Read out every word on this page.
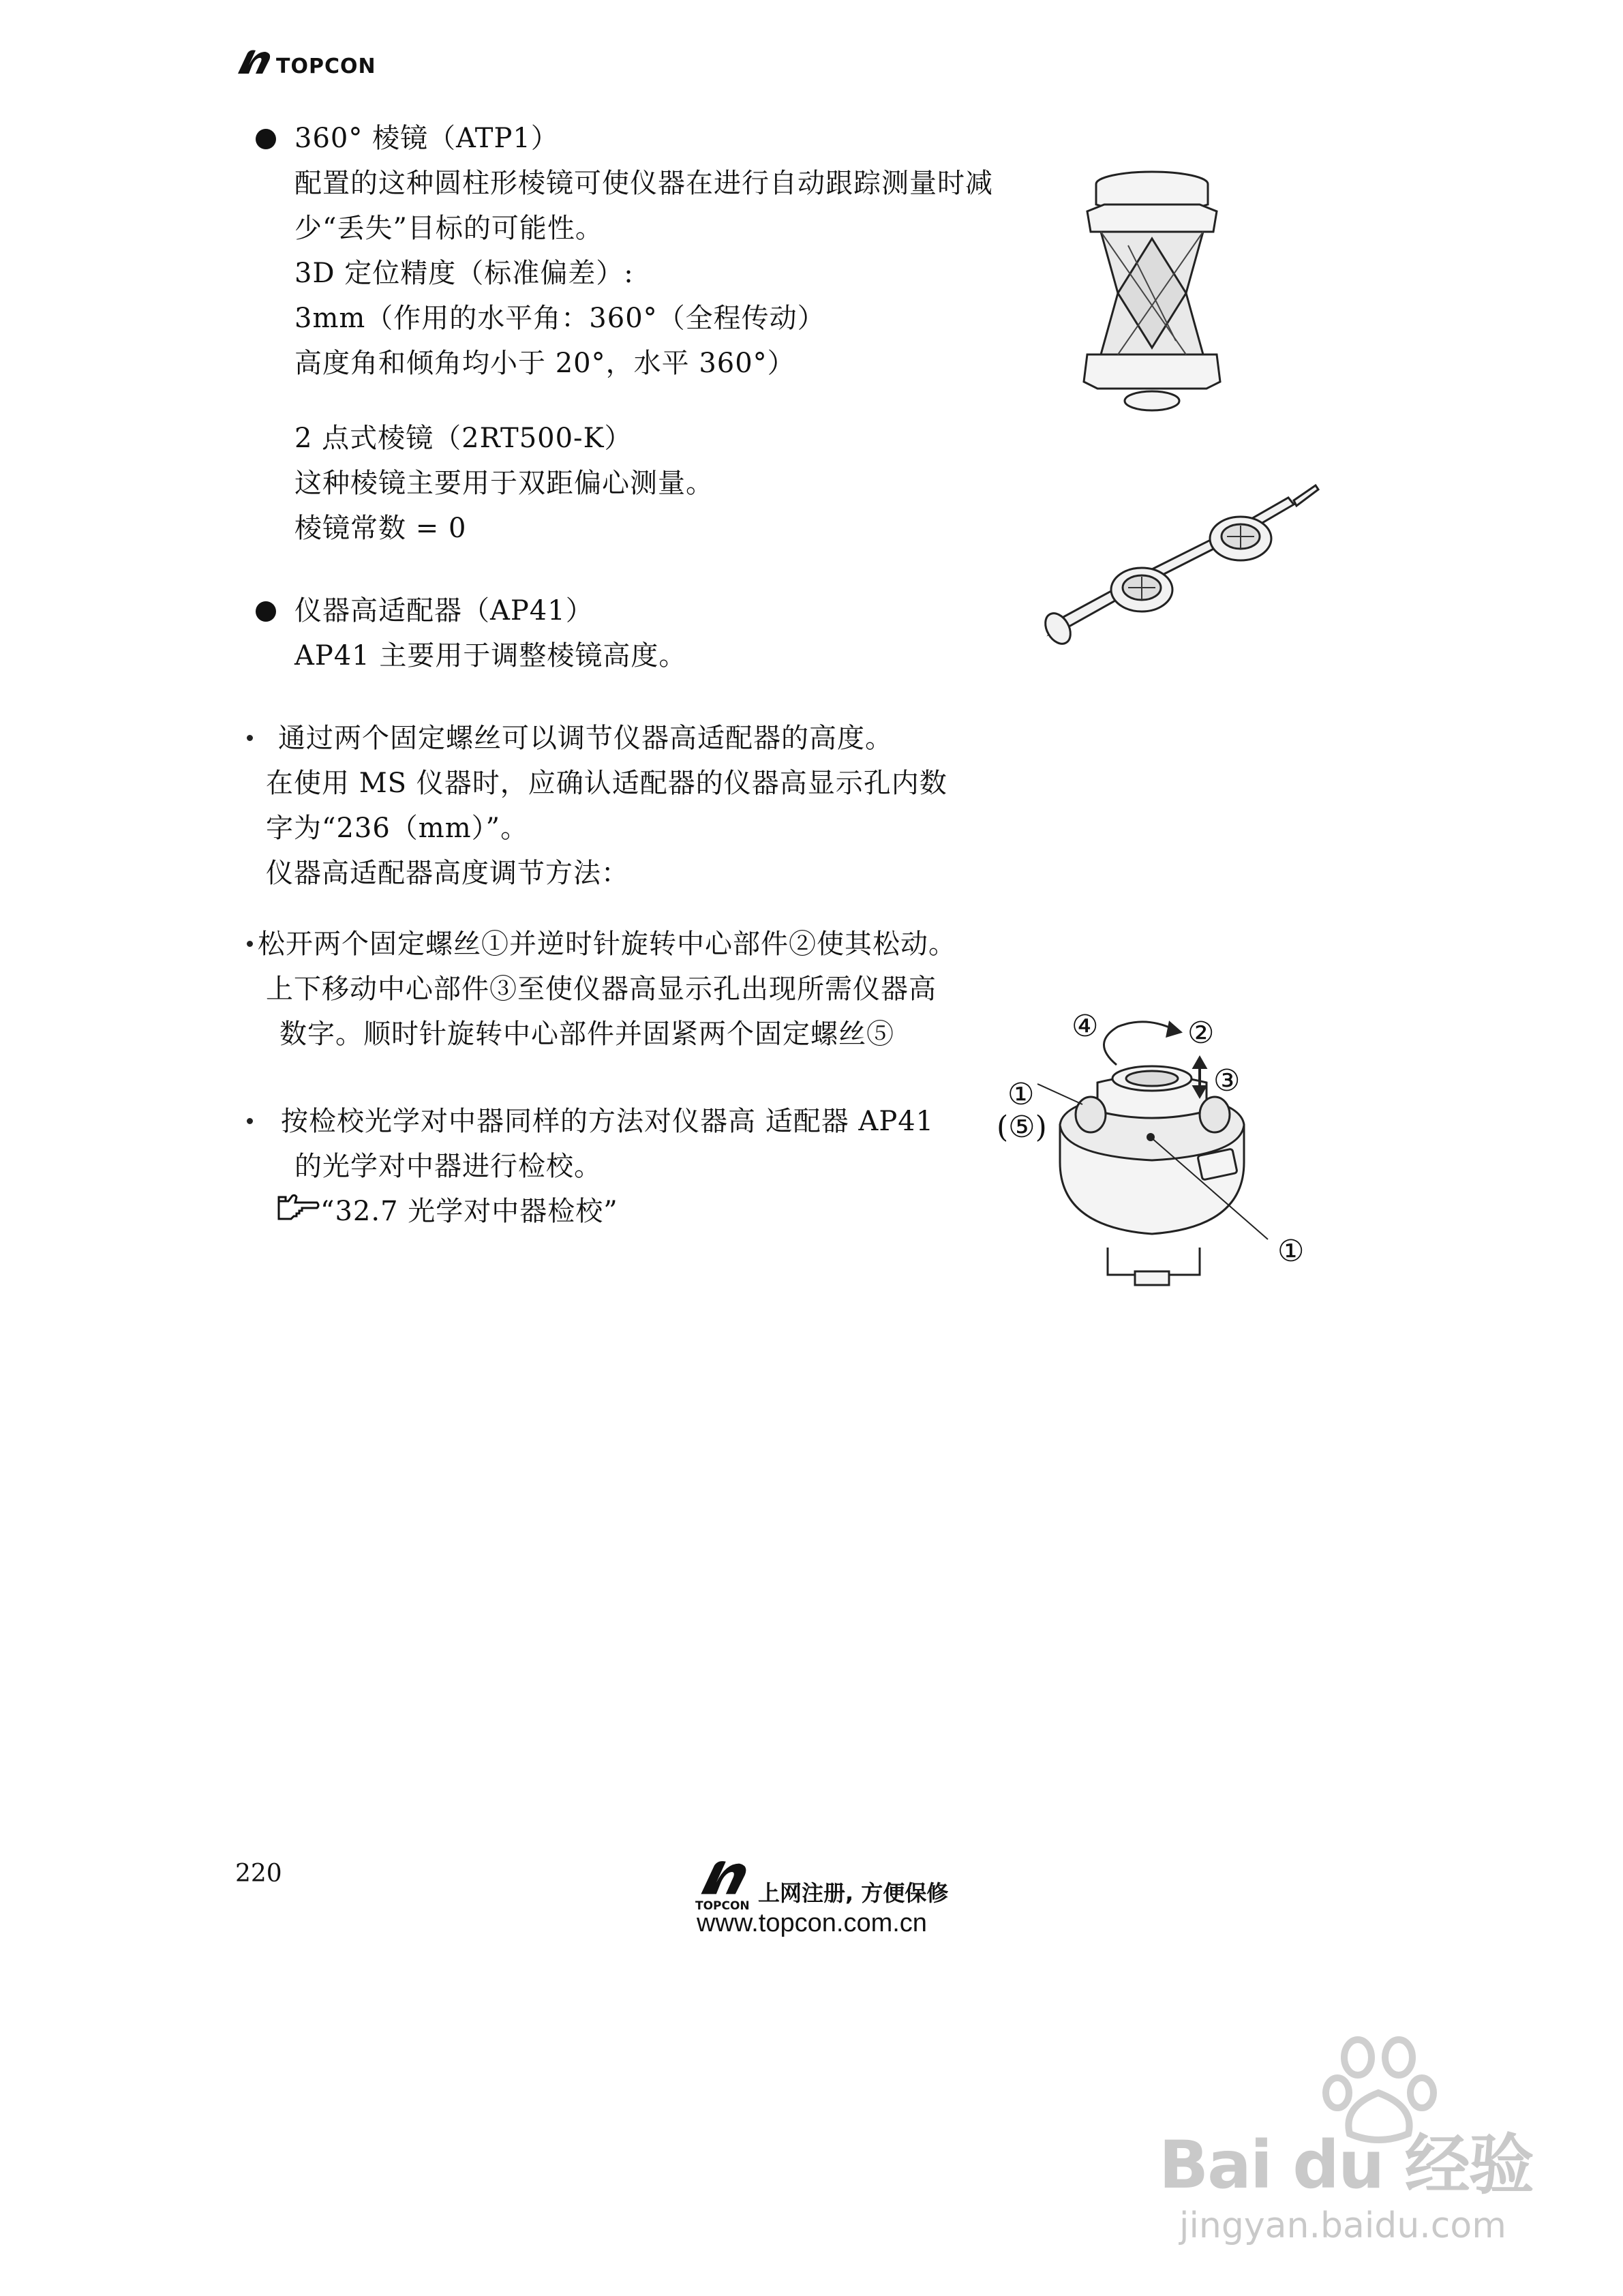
TOPCON
360° 棱镜（ATP1）
配置的这种圆柱形棱镜可使仪器在进行自动跟踪测量时减
少“丢失”目标的可能性。
3D 定位精度（标准偏差）:
3mm（作用的水平角：360°（全程传动）
高度角和倾角均小于 20°，水平 360°）
2 点式棱镜（2RT500-K）
这种棱镜主要用于双距偏心测量。
棱镜常数 = 0
仪器高适配器（AP41）
AP41 主要用于调整棱镜高度。
通过两个固定螺丝可以调节仪器高适配器的高度。
在使用 MS 仪器时，应确认适配器的仪器高显示孔内数
字为“236（mm）”。
仪器高适配器高度调节方法：
松开两个固定螺丝①并逆时针旋转中心部件②使其松动。
上下移动中心部件③至使仪器高显示孔出现所需仪器高
数字。顺时针旋转中心部件并固紧两个固定螺丝⑤
按检校光学对中器同样的方法对仪器高 适配器 AP41
的光学对中器进行检校。
“32.7 光学对中器检校”
④	②
③
①
(⑤)
①
220
TOPCON 上网注册, 方便保修
www.topcon.com.cn
Bai du 经验
jingyan.baidu.com
